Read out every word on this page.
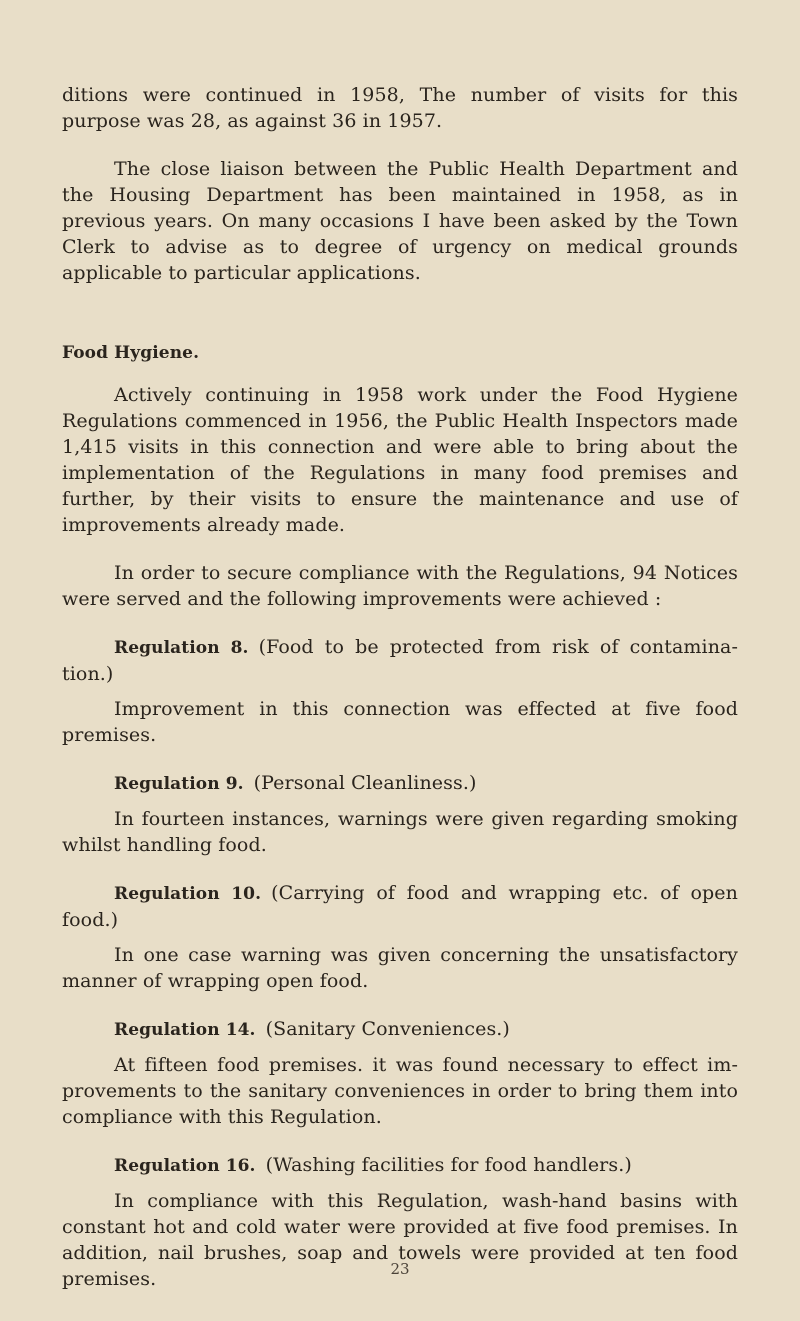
ditions were continued in 1958, The number of visits for this purpose was 28, as against 36 in 1957.

The close liaison between the Public Health Department and the Housing Department has been maintained in 1958, as in previous years. On many occasions I have been asked by the Town Clerk to advise as to degree of urgency on medical grounds applicable to particular applications.

Food Hygiene.

Actively continuing in 1958 work under the Food Hygiene Regulations commenced in 1956, the Public Health Inspectors made 1,415 visits in this connection and were able to bring about the implementation of the Regulations in many food premises and further, by their visits to ensure the maintenance and use of improvements already made.

In order to secure compliance with the Regulations, 94 Notices were served and the following improvements were achieved :

Regulation 8. (Food to be protected from risk of contamina- tion.)

Improvement in this connection was effected at five food premises.

Regulation 9. (Personal Cleanliness.)

In fourteen instances, warnings were given regarding smoking whilst handling food.

Regulation 10. (Carrying of food and wrapping etc. of open food.)

In one case warning was given concerning the unsatisfactory manner of wrapping open food.

Regulation 14. (Sanitary Conveniences.)

At fifteen food premises. it was found necessary to effect im- provements to the sanitary conveniences in order to bring them into compliance with this Regulation.

Regulation 16. (Washing facilities for food handlers.)

In compliance with this Regulation, wash-hand basins with constant hot and cold water were provided at five food premises. In addition, nail brushes, soap and towels were provided at ten food premises.	23
